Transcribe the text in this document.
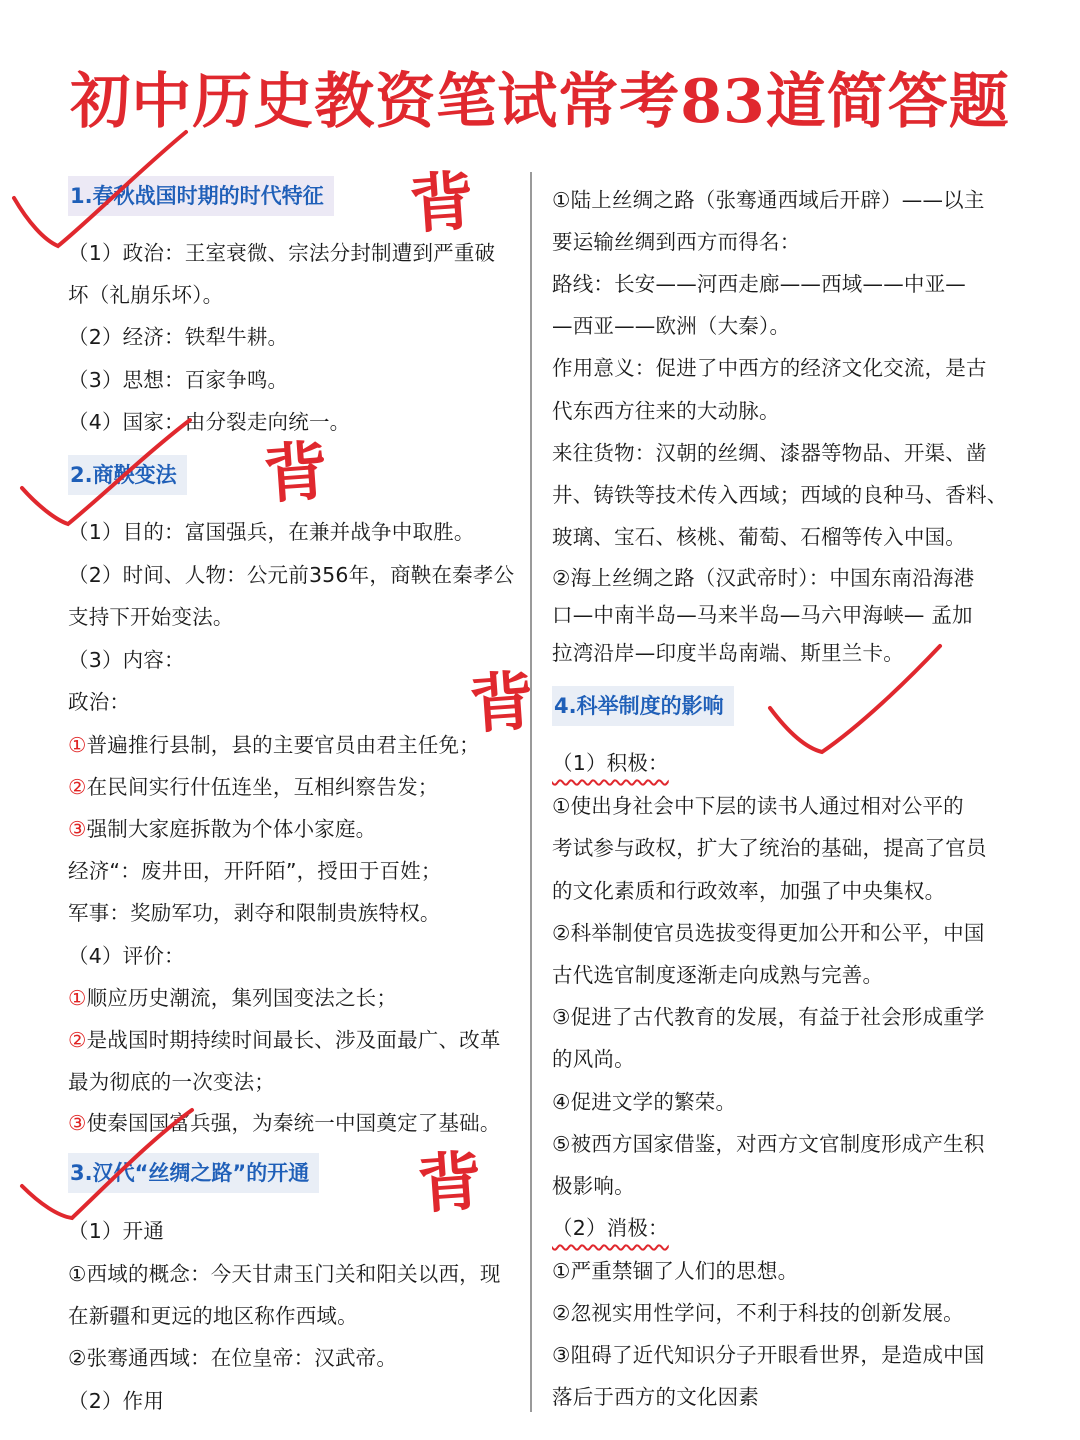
初中历史教资笔试常考83道简答题
1.春秋战国时期的时代特征
（1）政治：王室衰微、宗法分封制遭到严重破
坏（礼崩乐坏）。
（2）经济：铁犁牛耕。
（3）思想：百家争鸣。
（4）国家：由分裂走向统一。
2.商鞅变法
（1）目的：富国强兵，在兼并战争中取胜。
（2）时间、人物：公元前356年，商鞅在秦孝公
支持下开始变法。
（3）内容：
政治：
①普遍推行县制，县的主要官员由君主任免；
②在民间实行什伍连坐，互相纠察告发；
③强制大家庭拆散为个体小家庭。
经济“：废井田，开阡陌”，授田于百姓；
军事：奖励军功，剥夺和限制贵族特权。
（4）评价：
①顺应历史潮流，集列国变法之长；
②是战国时期持续时间最长、涉及面最广、改革
最为彻底的一次变法；
③使秦国国富兵强，为秦统一中国奠定了基础。
3.汉代“丝绸之路”的开通
（1）开通
①西域的概念：今天甘肃玉门关和阳关以西，现
在新疆和更远的地区称作西域。
②张骞通西域：在位皇帝：汉武帝。
（2）作用
①陆上丝绸之路（张骞通西域后开辟）——以主
要运输丝绸到西方而得名：
路线：长安——河西走廊——西域——中亚—
—西亚——欧洲（大秦）。
作用意义：促进了中西方的经济文化交流，是古
代东西方往来的大动脉。
来往货物：汉朝的丝绸、漆器等物品、开渠、凿
井、铸铁等技术传入西域；西域的良种马、香料、
玻璃、宝石、核桃、葡萄、石榴等传入中国。
②海上丝绸之路（汉武帝时）：中国东南沿海港
口—中南半岛—马来半岛—马六甲海峡— 孟加
拉湾沿岸—印度半岛南端、斯里兰卡。
4.科举制度的影响
（1）积极：
①使出身社会中下层的读书人通过相对公平的
考试参与政权，扩大了统治的基础，提高了官员
的文化素质和行政效率，加强了中央集权。
②科举制使官员选拔变得更加公开和公平，中国
古代选官制度逐渐走向成熟与完善。
③促进了古代教育的发展，有益于社会形成重学
的风尚。
④促进文学的繁荣。
⑤被西方国家借鉴，对西方文官制度形成产生积
极影响。
（2）消极：
①严重禁锢了人们的思想。
②忽视实用性学问，不利于科技的创新发展。
③阻碍了近代知识分子开眼看世界，是造成中国
落后于西方的文化因素
背
背
背
背
